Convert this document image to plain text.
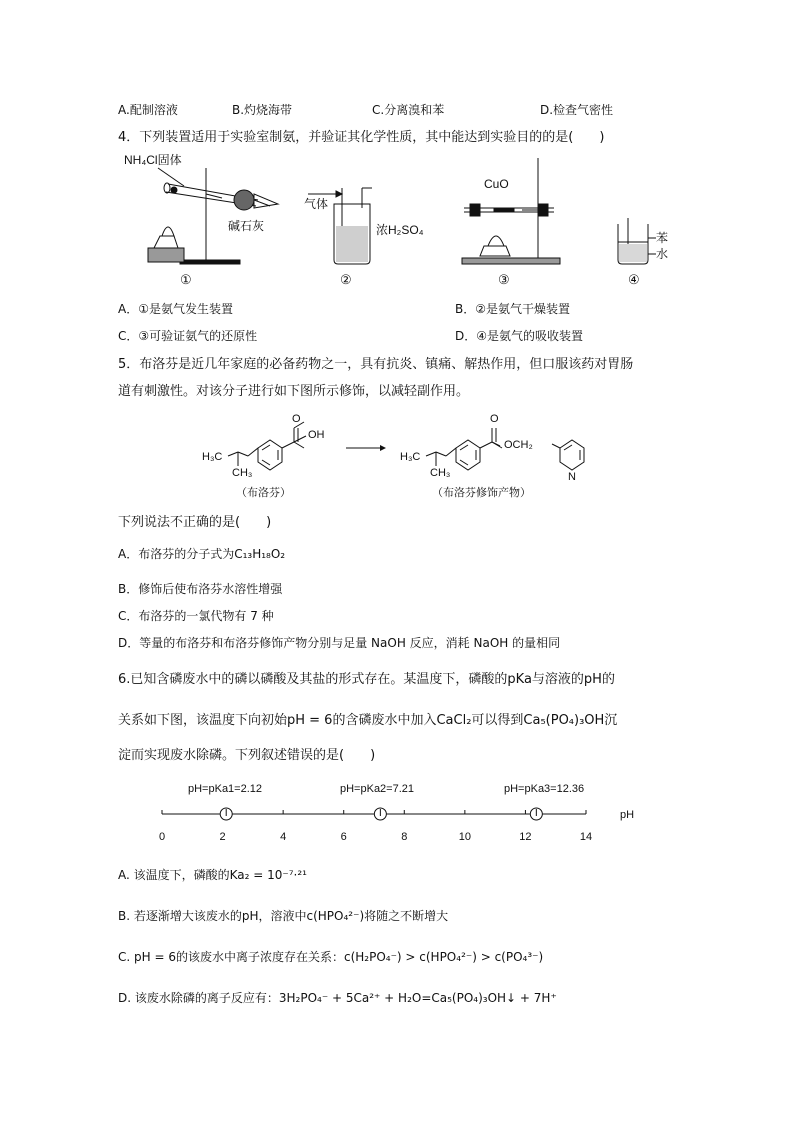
A.配制溶液	B.灼烧海带	C.分离溴和苯	D.检查气密性
4．下列装置适用于实验室制氨，并验证其化学性质，其中能达到实验目的的是(　　)
NH₄Cl固体
碱石灰
①
气体
浓H₂SO₄
②
CuO
③
苯
水
④
A．①是氨气发生装置	B．②是氨气干燥装置
C．③可验证氨气的还原性	D．④是氨气的吸收装置
5．布洛芬是近几年家庭的必备药物之一，具有抗炎、镇痛、解热作用，但口服该药对胃肠
道有刺激性。对该分子进行如下图所示修饰，以减轻副作用。
H₃C
CH₃
O
OH
（布洛芬）
H₃C
CH₃
O
OCH₂
N
（布洛芬修饰产物）
下列说法不正确的是(　　)
A．布洛芬的分子式为C₁₃H₁₈O₂
B．修饰后使布洛芬水溶性增强
C．布洛芬的一氯代物有 7 种
D．等量的布洛芬和布洛芬修饰产物分别与足量 NaOH 反应，消耗 NaOH 的量相同
6.已知含磷废水中的磷以磷酸及其盐的形式存在。某温度下，磷酸的pKa与溶液的pH的
关系如下图，该温度下向初始pH = 6的含磷废水中加入CaCl₂可以得到Ca₅(PO₄)₃OH沉
淀而实现废水除磷。下列叙述错误的是(　　)
pH=pKa1=2.12	pH=pKa2=7.21	pH=pKa3=12.36
pH
0	2	4	6	8	10	12	14
A. 该温度下，磷酸的Ka₂ = 10⁻⁷·²¹
B. 若逐渐增大该废水的pH，溶液中c(HPO₄²⁻)将随之不断增大
C. pH = 6的该废水中离子浓度存在关系：c(H₂PO₄⁻) > c(HPO₄²⁻) > c(PO₄³⁻)
D. 该废水除磷的离子反应有：3H₂PO₄⁻ + 5Ca²⁺ + H₂O=Ca₅(PO₄)₃OH↓ + 7H⁺
